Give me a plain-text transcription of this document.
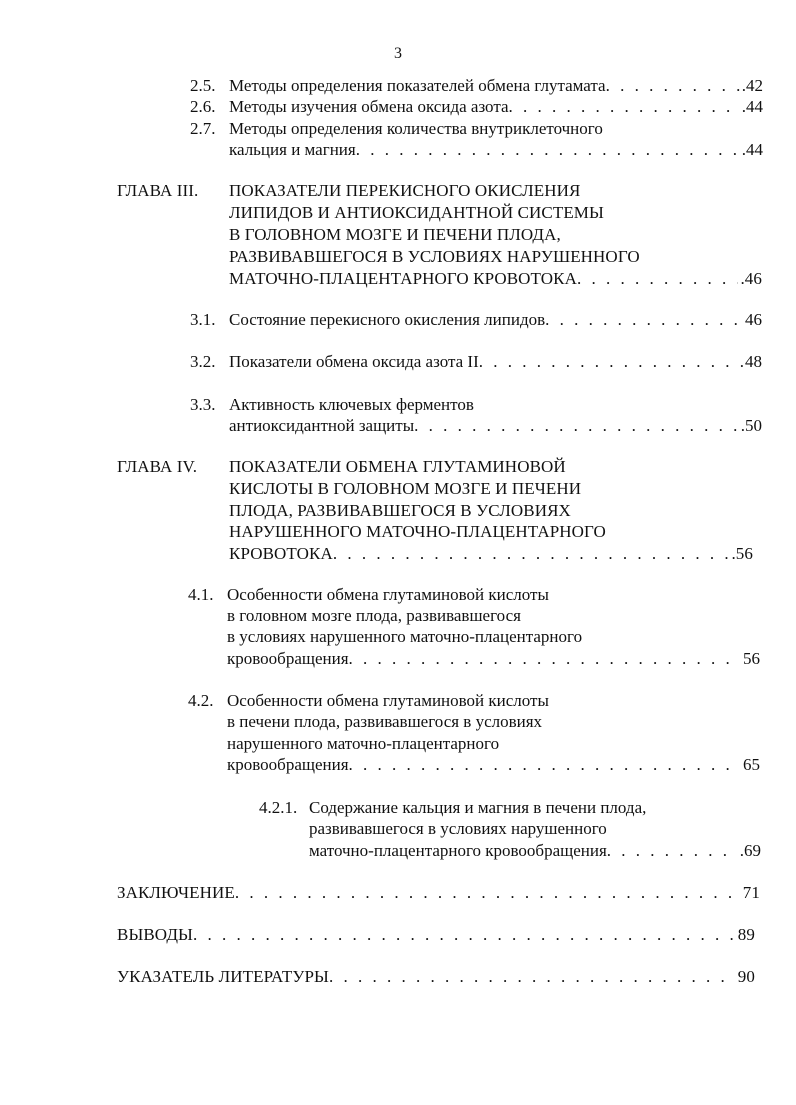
3
2.5. Методы определения показателей обмена глутамата . . .	.42
2.6. Методы изучения обмена оксида азота . . .	.44
2.7. Методы определения количества внутриклеточного
кальция и магния . . .	.44
ГЛАВА III. ПОКАЗАТЕЛИ ПЕРЕКИСНОГО ОКИСЛЕНИЯ
ЛИПИДОВ И АНТИОКСИДАНТНОЙ СИСТЕМЫ
В ГОЛОВНОМ МОЗГЕ И ПЕЧЕНИ ПЛОДА,
РАЗВИВАВШЕГОСЯ В УСЛОВИЯХ НАРУШЕННОГО
МАТОЧНО-ПЛАЦЕНТАРНОГО КРОВОТОКА . . .	.46
3.1. Состояние перекисного окисления липидов . . .	46
3.2. Показатели обмена оксида азота II . . .	48
3.3. Активность ключевых ферментов
антиоксидантной защиты . . .	.50
ГЛАВА IV. ПОКАЗАТЕЛИ ОБМЕНА ГЛУТАМИНОВОЙ
КИСЛОТЫ В ГОЛОВНОМ МОЗГЕ И ПЕЧЕНИ
ПЛОДА, РАЗВИВАВШЕГОСЯ В УСЛОВИЯХ
НАРУШЕННОГО МАТОЧНО-ПЛАЦЕНТАРНОГО
КРОВОТОКА . . .	.56
4.1. Особенности обмена глутаминовой кислоты
в головном мозге плода, развивавшегося
в условиях нарушенного маточно-плацентарного
кровообращения . . .	56
4.2. Особенности обмена глутаминовой кислоты
в печени плода, развивавшегося в условиях
нарушенного маточно-плацентарного
кровообращения . . .	65
4.2.1. Содержание кальция и магния в печени плода,
развивавшегося в условиях нарушенного
маточно-плацентарного кровообращения . . .	.69
ЗАКЛЮЧЕНИЕ . . .	71
ВЫВОДЫ . . .	89
УКАЗАТЕЛЬ ЛИТЕРАТУРЫ . . .	90
